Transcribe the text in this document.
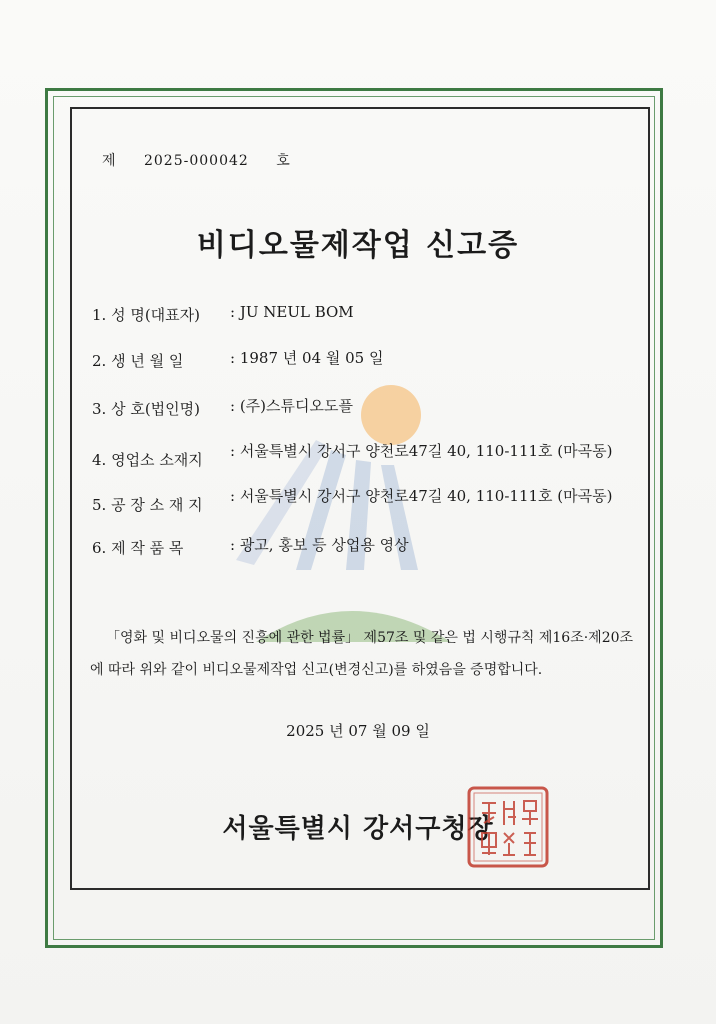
제 2025-000042 호
비디오물제작업 신고증
1. 성 명(대표자)	: JU NEUL BOM
2. 생 년 월 일	: 1987 년 04 월 05 일
3. 상 호(법인명)	: (주)스튜디오도플
4. 영업소 소재지	: 서울특별시 강서구 양천로47길 40, 110-111호 (마곡동)
5. 공 장 소 재 지	: 서울특별시 강서구 양천로47길 40, 110-111호 (마곡동)
6. 제 작 품 목	: 광고, 홍보 등 상업용 영상
「영화 및 비디오물의 진흥에 관한 법률」 제57조 및 같은 법 시행규칙 제16조·제20조에 따라 위와 같이 비디오물제작업 신고(변경신고)를 하였음을 증명합니다.
2025 년 07 월 09 일
서울특별시 강서구청장
